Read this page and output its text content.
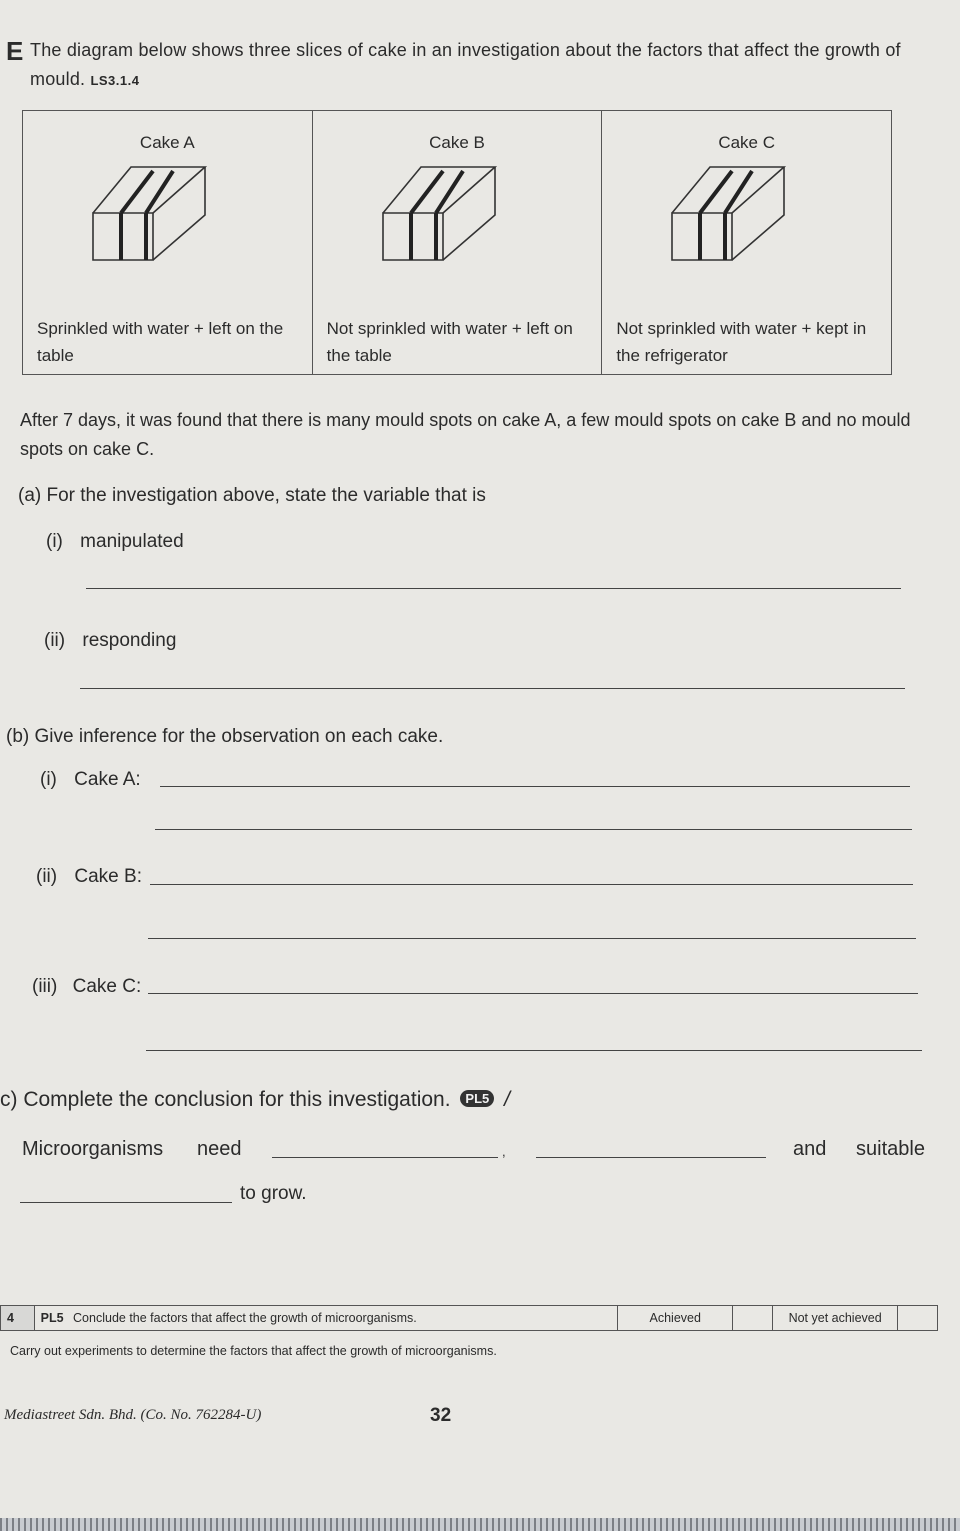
E The diagram below shows three slices of cake in an investigation about the factors that affect the growth of mould. LS3.1.4
Cake A
Sprinkled with water + left on the table

Cake B
Not sprinkled with water + left on the table

Cake C
Not sprinkled with water + kept in the refrigerator
After 7 days, it was found that there is many mould spots on cake A, a few mould spots on cake B and no mould spots on cake C.
(a) For the investigation above, state the variable that is
(i) manipulated
(ii) responding
(b) Give inference for the observation on each cake.
(i) Cake A:
(ii) Cake B:
(iii) Cake C:
c) Complete the conclusion for this investigation. PL5 /
Microorganisms need	,	and suitable
to grow.
4	PL5 Conclude the factors that affect the growth of microorganisms.	Achieved		Not yet achieved	
Carry out experiments to determine the factors that affect the growth of microorganisms.
Mediastreet Sdn. Bhd. (Co. No. 762284-U)	32
